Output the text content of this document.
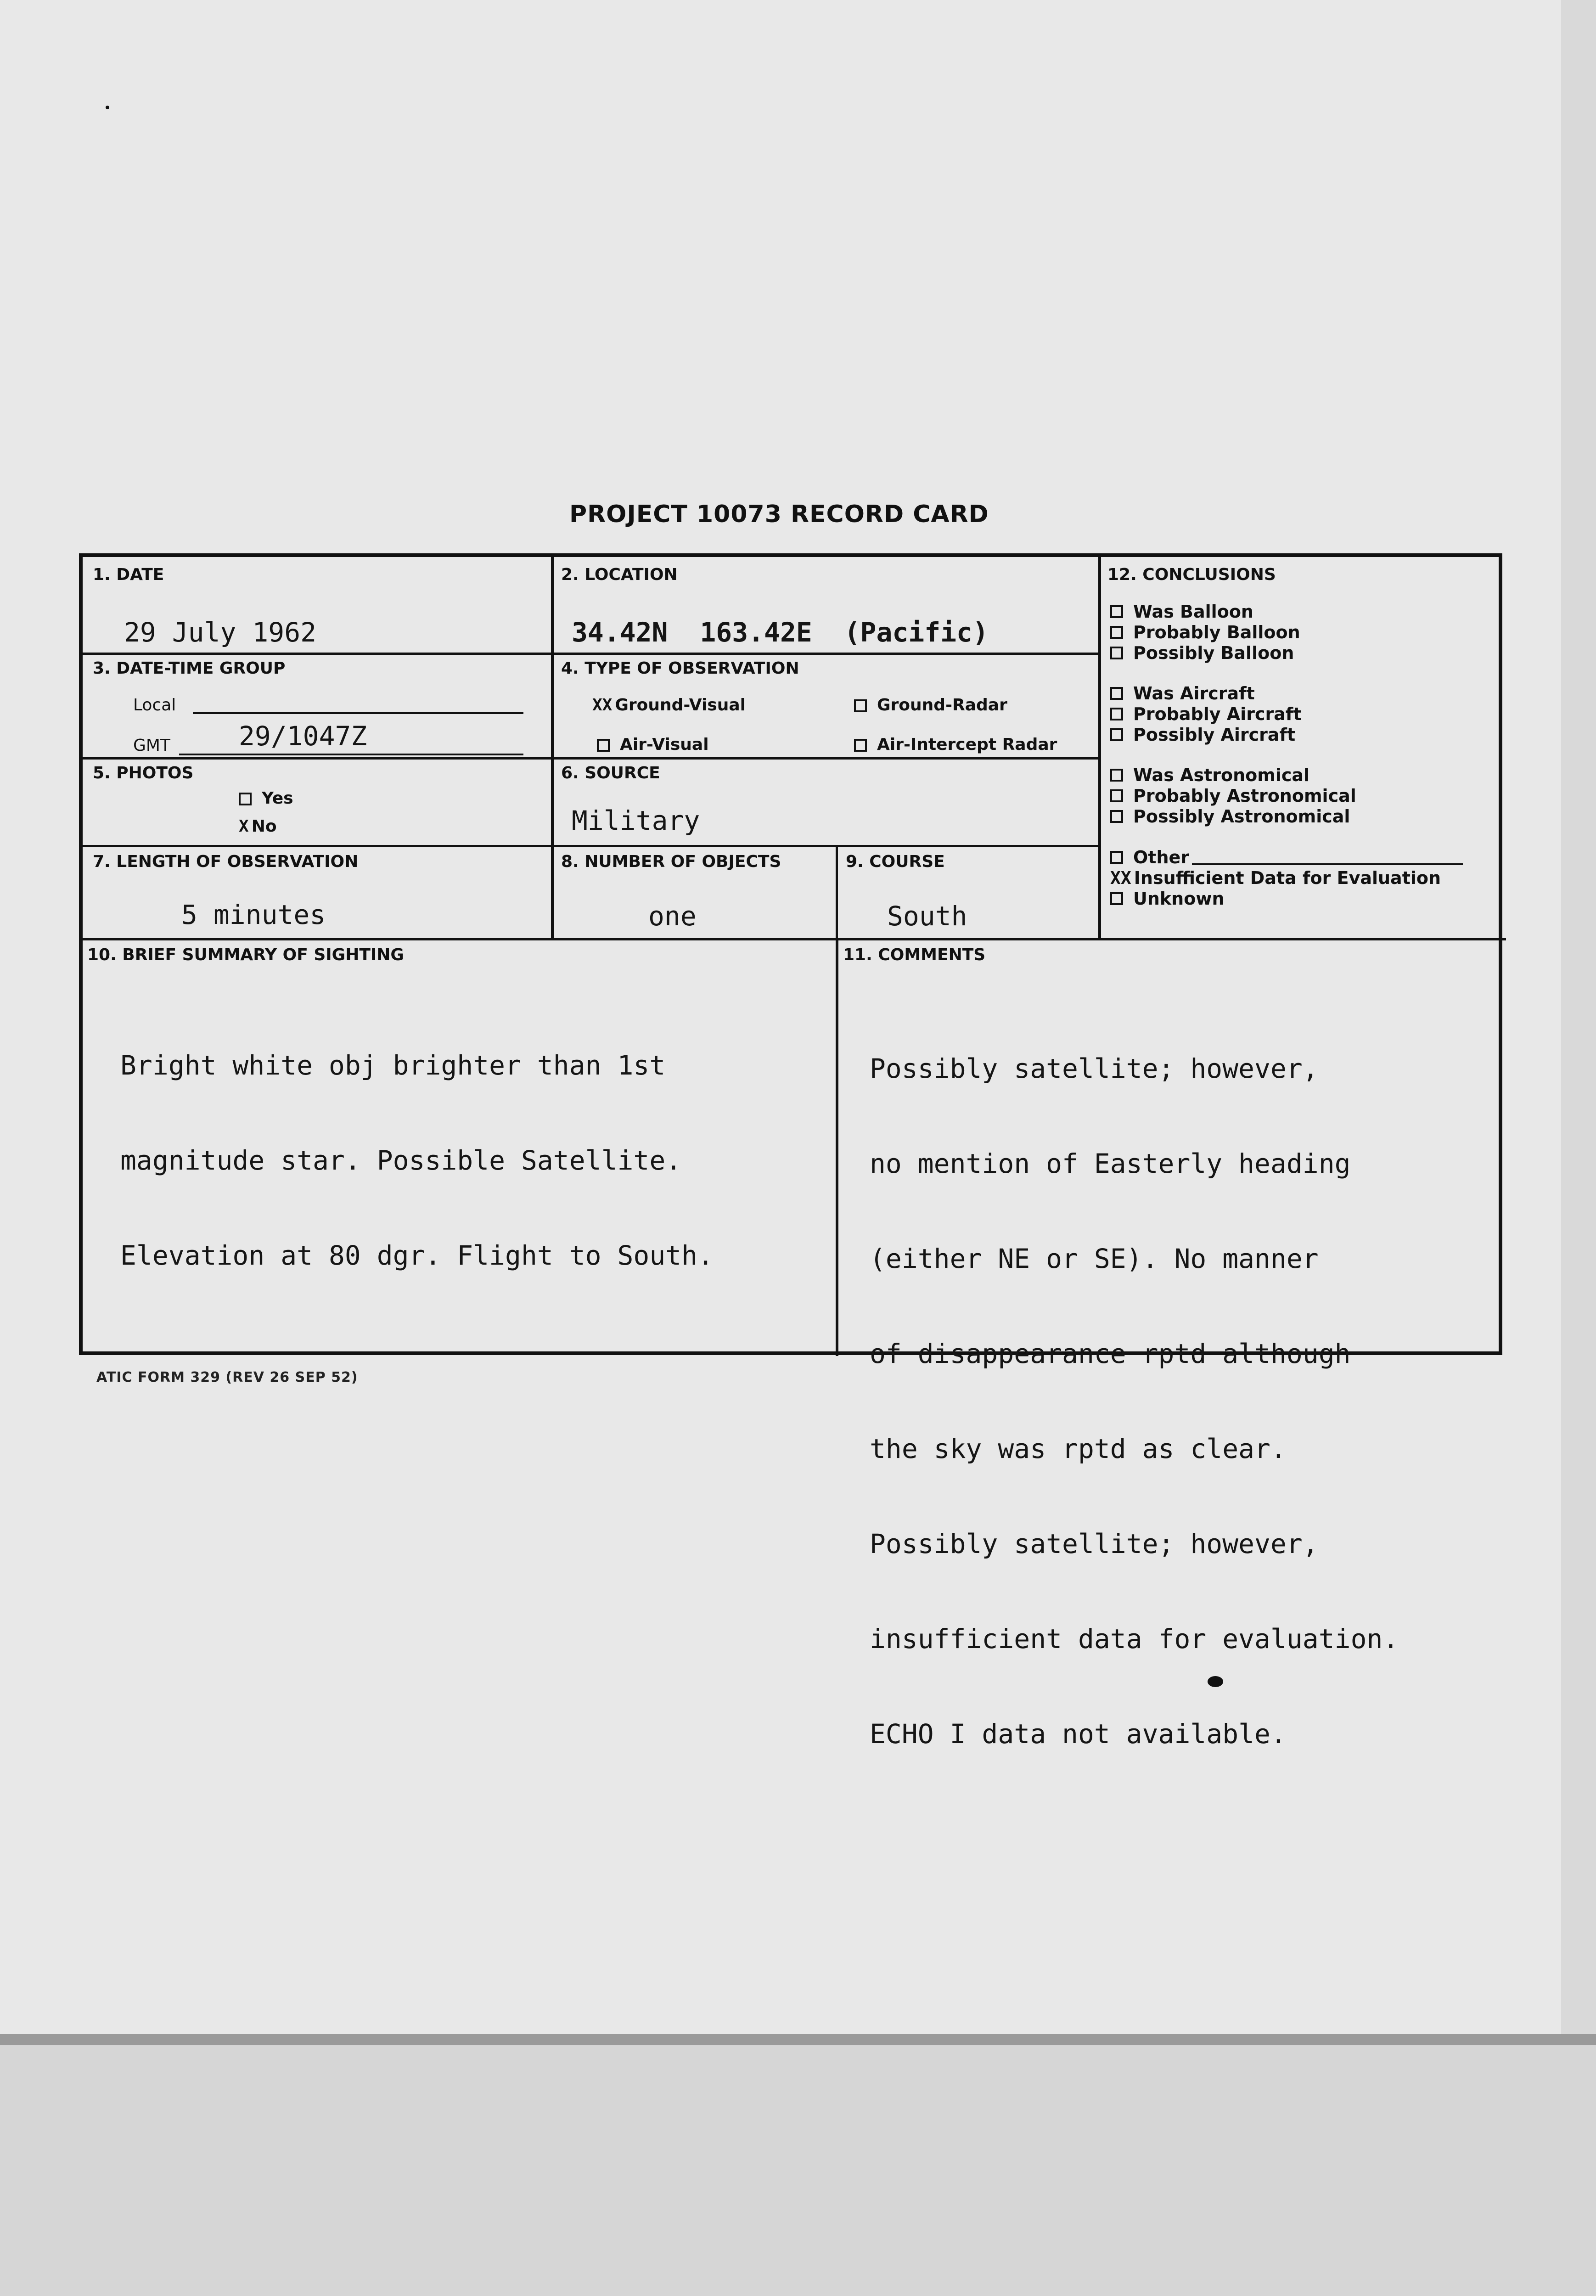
PROJECT 10073 RECORD CARD
1. DATE
29 July 1962
2. LOCATION
34.42N  163.42E  (Pacific)
3. DATE-TIME GROUP
Local
GMT	29/1047Z
4. TYPE OF OBSERVATION
XX Ground-Visual	Ground-Radar
Air-Visual	Air-Intercept Radar
5. PHOTOS
Yes
X No
6. SOURCE
Military
7. LENGTH OF OBSERVATION
5 minutes
8. NUMBER OF OBJECTS
one
9. COURSE
South
10. BRIEF SUMMARY OF SIGHTING

Bright white obj brighter than 1st

magnitude star. Possible Satellite.

Elevation at 80 dgr. Flight to South.

11. COMMENTS

Possibly satellite; however,

no mention of Easterly heading

(either NE or SE). No manner

of disappearance rptd although

the sky was rptd as clear.

Possibly satellite; however,

insufficient data for evaluation.

ECHO I data not available.

12. CONCLUSIONS
Was Balloon
Probably Balloon
Possibly Balloon
Was Aircraft
Probably Aircraft
Possibly Aircraft
Was Astronomical
Probably Astronomical
Possibly Astronomical
Other
XX Insufficient Data for Evaluation
Unknown
ATIC FORM 329 (REV 26 SEP 52)
